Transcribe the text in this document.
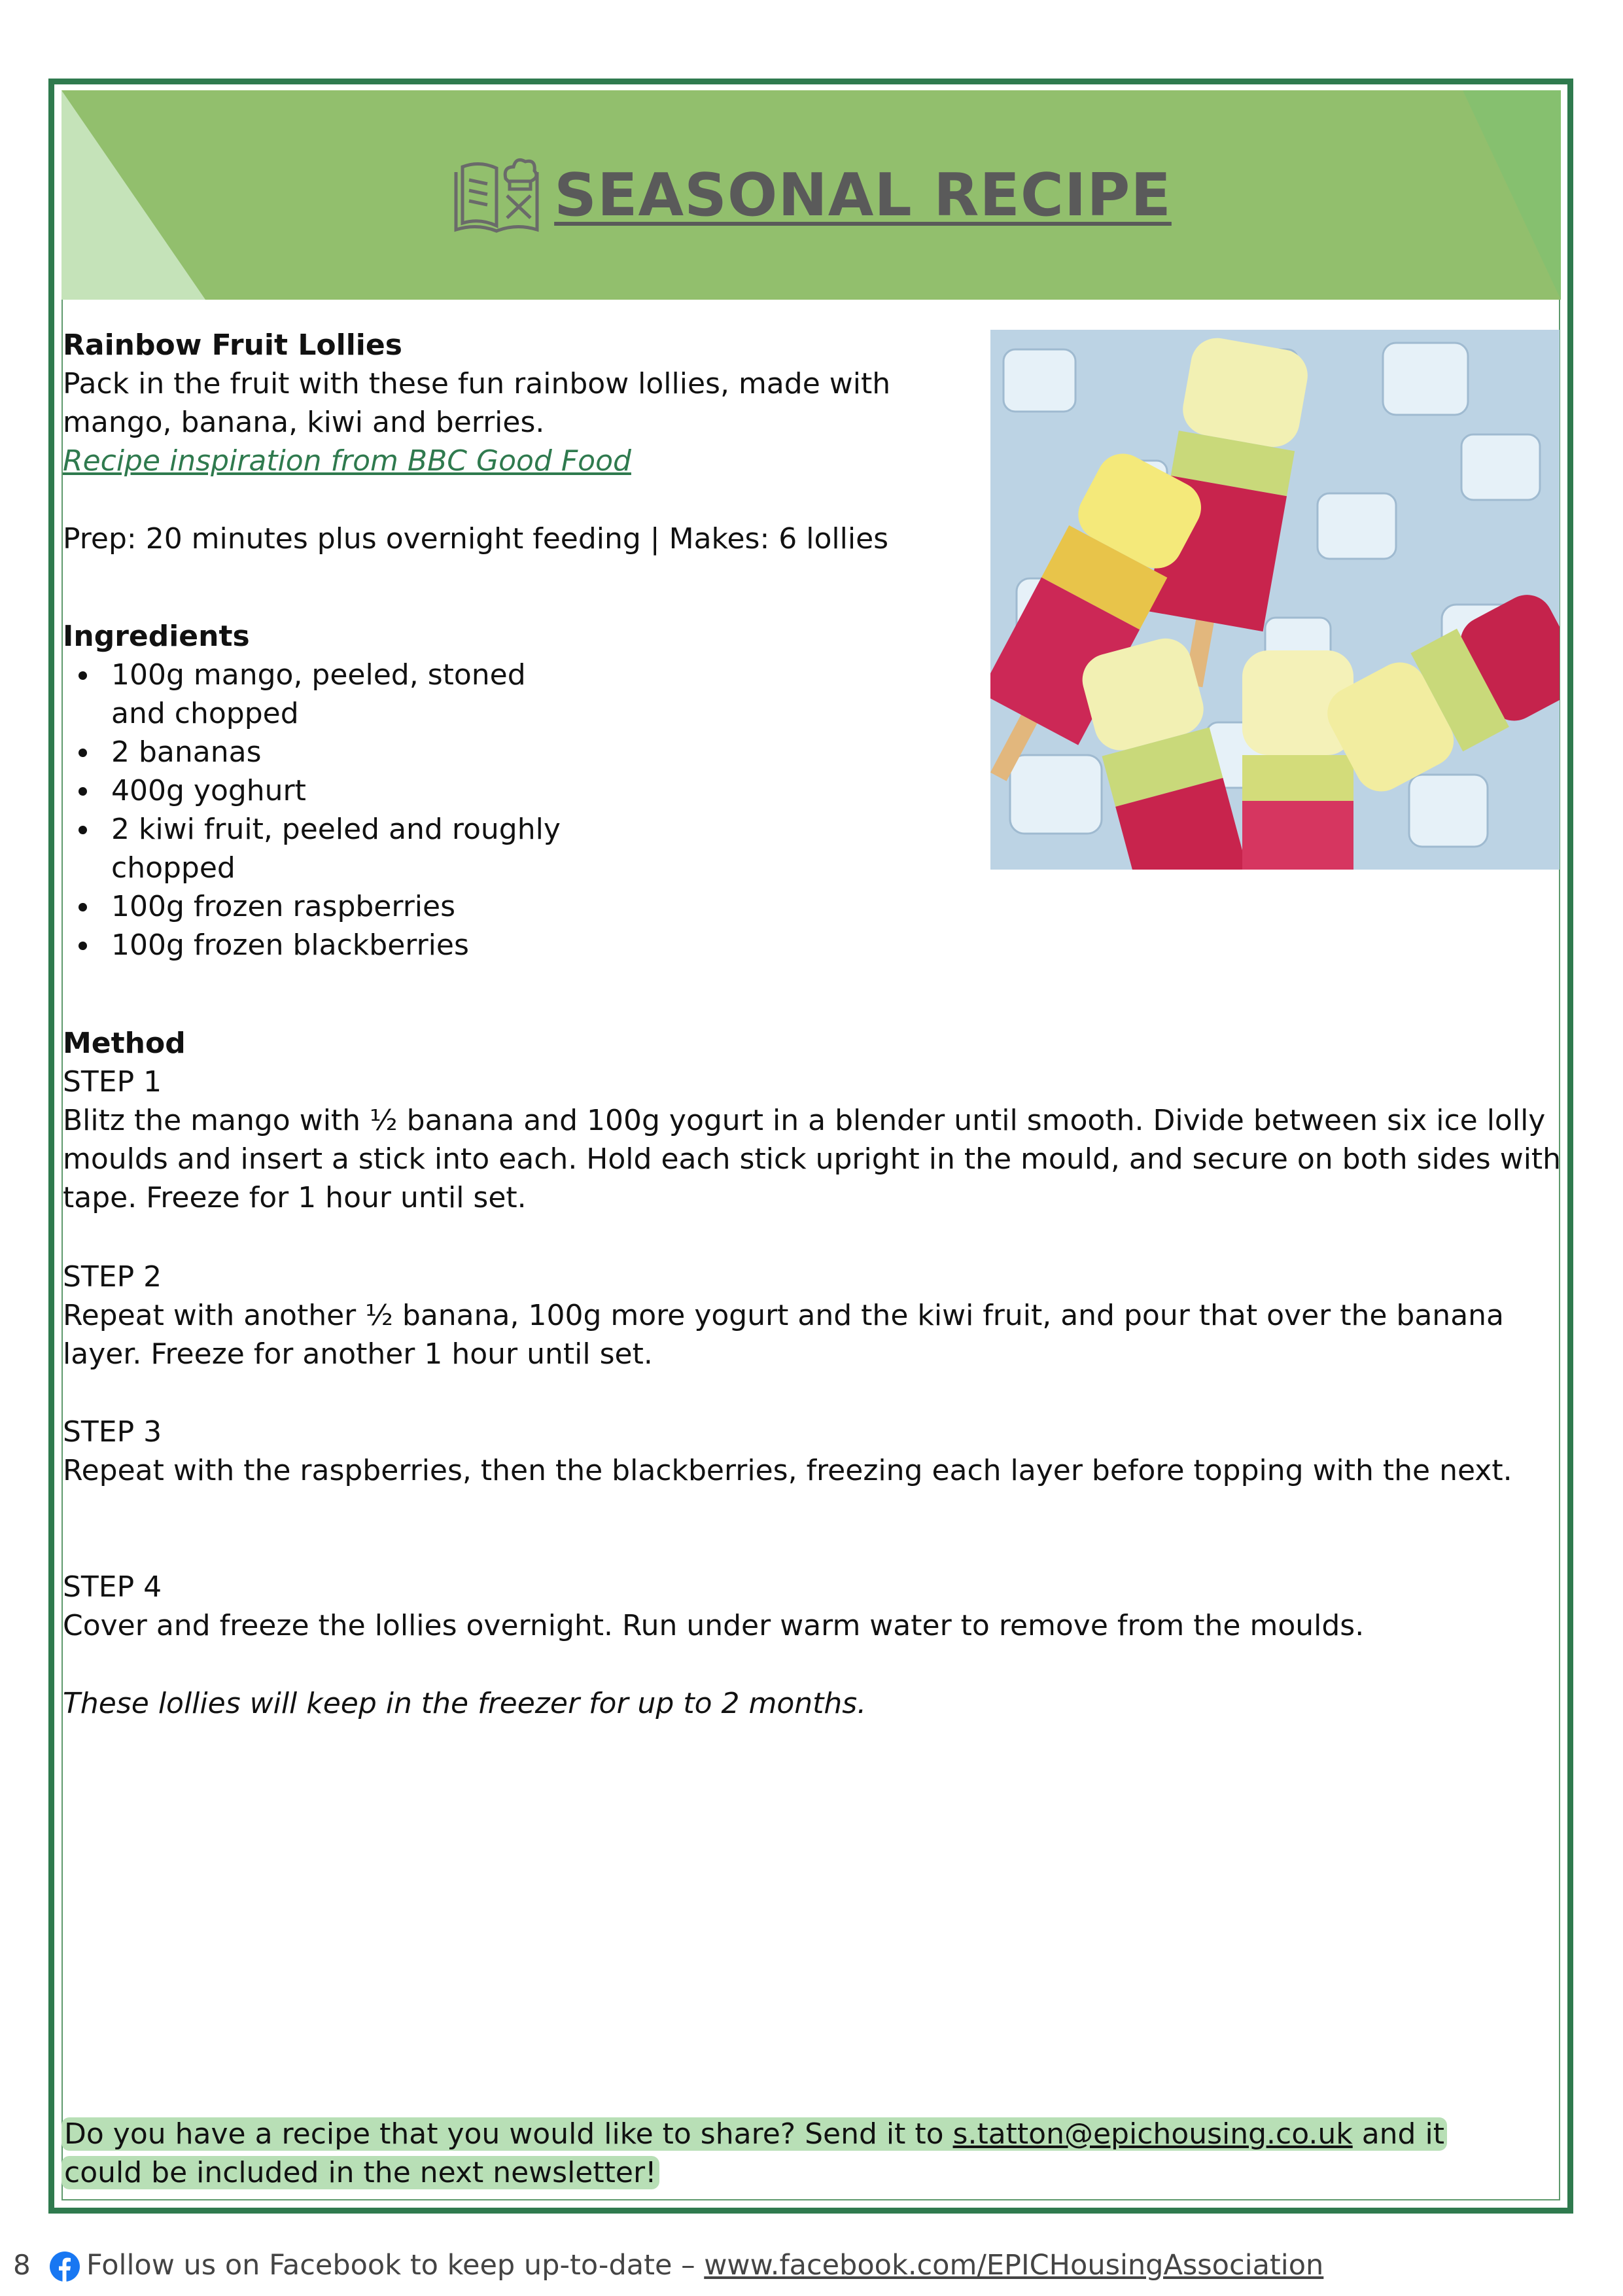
SEASONAL RECIPE
Rainbow Fruit Lollies
Pack in the fruit with these fun rainbow lollies, made with mango, banana, kiwi and berries.
Recipe inspiration from BBC Good Food
Prep: 20 minutes plus overnight feeding | Makes: 6 lollies
Ingredients
100g mango, peeled, stoned and chopped
2 bananas
400g yoghurt
2 kiwi fruit, peeled and roughly chopped
100g frozen raspberries
100g frozen blackberries
Method
STEP 1
Blitz the mango with ½ banana and 100g yogurt in a blender until smooth. Divide between six ice lolly moulds and insert a stick into each. Hold each stick upright in the mould, and secure on both sides with tape. Freeze for 1 hour until set.
STEP 2
Repeat with another ½ banana, 100g more yogurt and the kiwi fruit, and pour that over the banana layer. Freeze for another 1 hour until set.
STEP 3
Repeat with the raspberries, then the blackberries, freezing each layer before topping with the next.
STEP 4
Cover and freeze the lollies overnight. Run under warm water to remove from the moulds.
These lollies will keep in the freezer for up to 2 months.
Do you have a recipe that you would like to share? Send it to s.tatton@epichousing.co.uk and it could be included in the next newsletter!
8 Follow us on Facebook to keep up-to-date – www.facebook.com/EPICHousingAssociation
